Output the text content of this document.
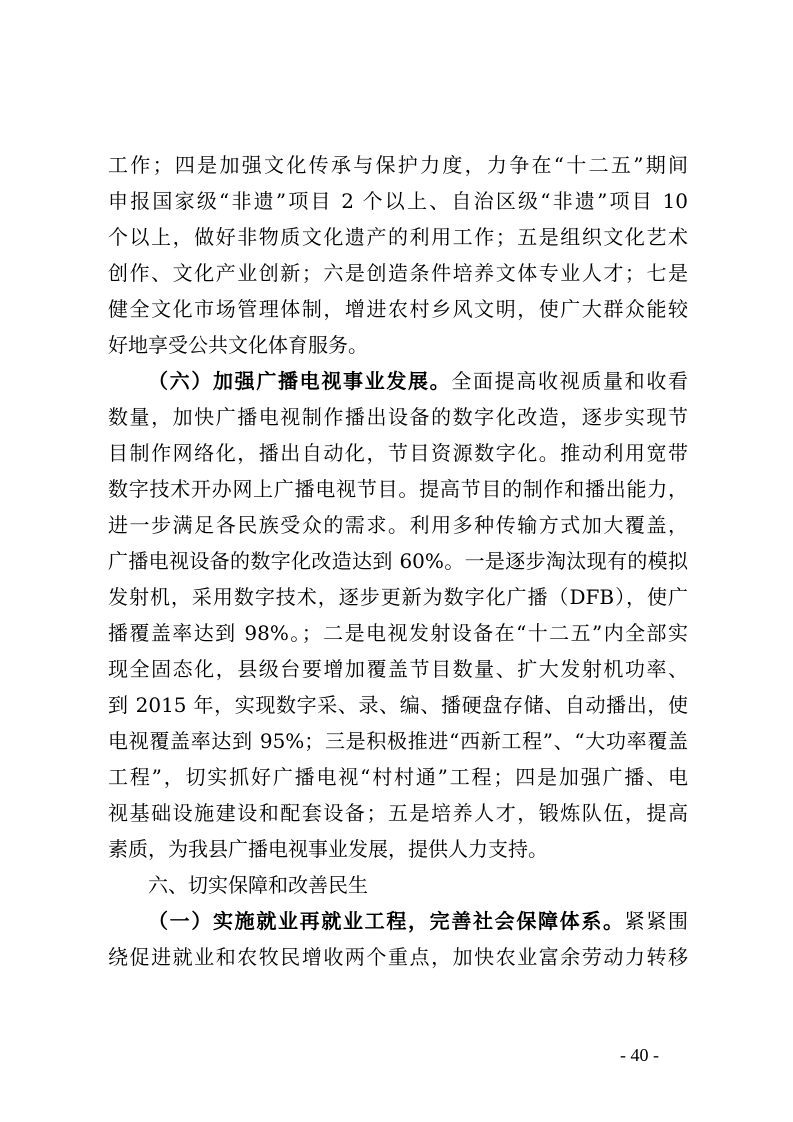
工作；四是加强文化传承与保护力度，力争在“十二五”期间
申报国家级“非遗”项目 2 个以上、自治区级“非遗”项目 10
个以上，做好非物质文化遗产的利用工作；五是组织文化艺术
创作、文化产业创新；六是创造条件培养文体专业人才；七是
健全文化市场管理体制，增进农村乡风文明，使广大群众能较
好地享受公共文化体育服务。
（六）加强广播电视事业发展。全面提高收视质量和收看
数量，加快广播电视制作播出设备的数字化改造，逐步实现节
目制作网络化，播出自动化，节目资源数字化。推动利用宽带
数字技术开办网上广播电视节目。提高节目的制作和播出能力，
进一步满足各民族受众的需求。利用多种传输方式加大覆盖，
广播电视设备的数字化改造达到 60%。一是逐步淘汰现有的模拟
发射机，采用数字技术，逐步更新为数字化广播（DFB），使广
播覆盖率达到 98%。；二是电视发射设备在“十二五”内全部实
现全固态化，县级台要增加覆盖节目数量、扩大发射机功率、
到 2015 年，实现数字采、录、编、播硬盘存储、自动播出，使
电视覆盖率达到 95%；三是积极推进“西新工程”、“大功率覆盖
工程”，切实抓好广播电视“村村通”工程；四是加强广播、电
视基础设施建设和配套设备；五是培养人才，锻炼队伍，提高
素质，为我县广播电视事业发展，提供人力支持。
六、切实保障和改善民生
（一）实施就业再就业工程，完善社会保障体系。紧紧围
绕促进就业和农牧民增收两个重点，加快农业富余劳动力转移
- 40 -
